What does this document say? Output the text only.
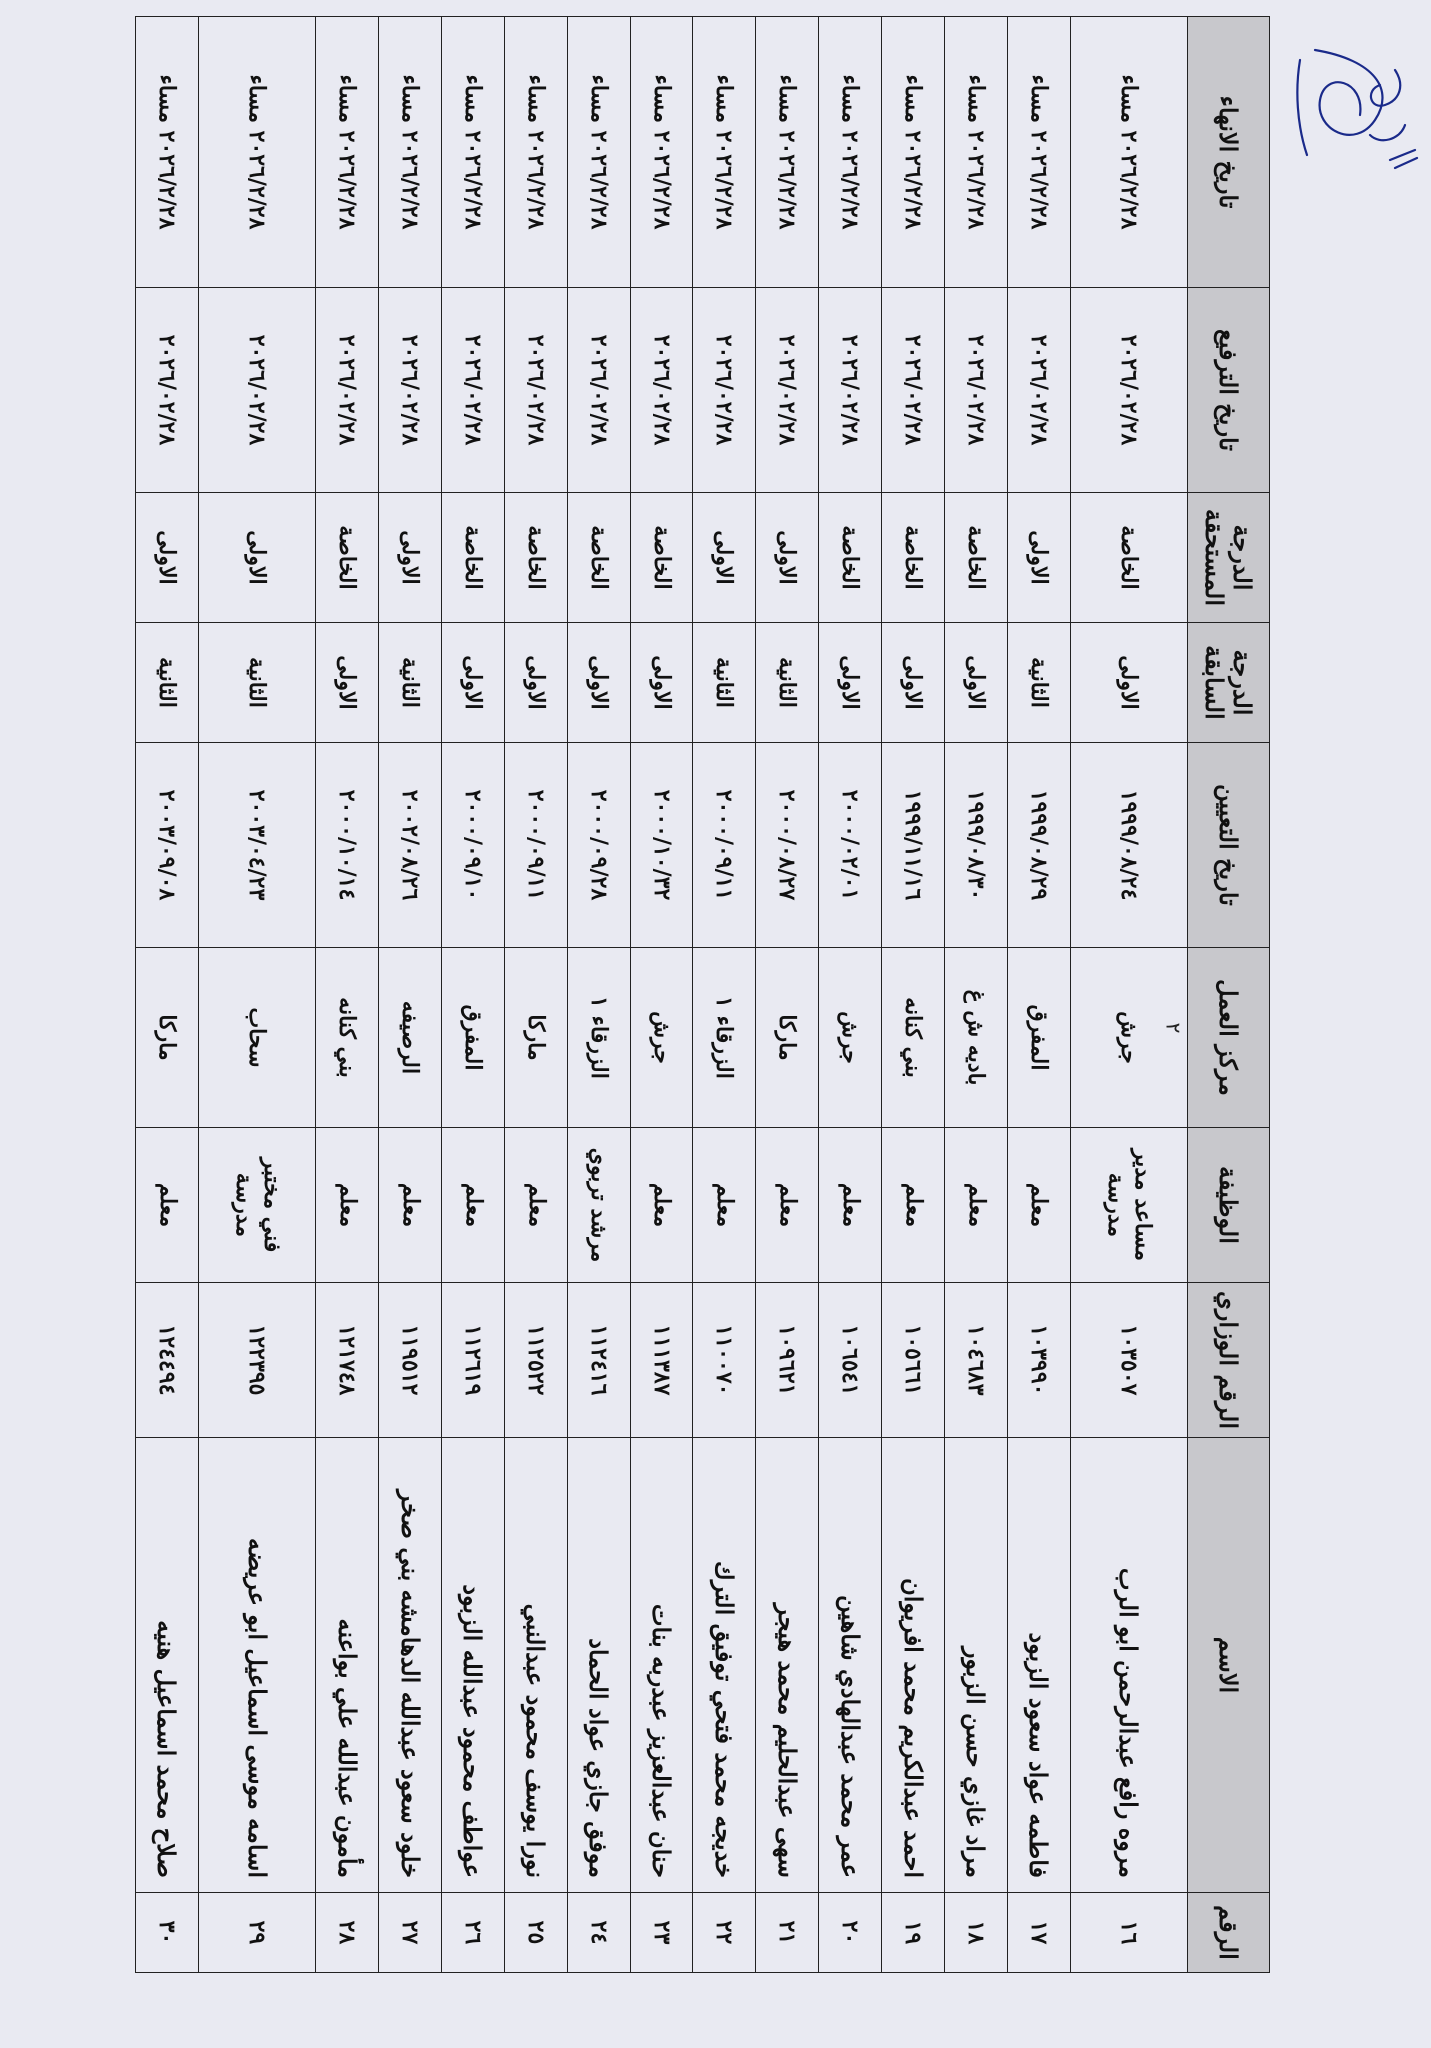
الرقم	الاسم	الرقم الوزاري	الوظيفة	مركز العمل	تاريخ التعيين	الدرجة السابقة	الدرجة المستحقة	تاريخ الترفيع	تاريخ الانهاء
١٦	مروه رافع عبدالرحمن ابو الرب	١٠٣٥٠٧	مساعد مدير مدرسة	جرش	١٩٩٩/٠٨/٢٤	الاولى	الخاصة	٢٠٢٦/٠٢/٢٨	٢٠٢٦/٢/٢٨ مساء
١٧	فاطمه عواد سعود الزبود	١٠٣٩٩٠	معلم	المفرق	١٩٩٩/٠٨/٢٩	الثانية	الاولى	٢٠٢٦/٠٢/٢٨	٢٠٢٦/٢/٢٨ مساء
١٨	مراد غازي حسن الزبور	١٠٤٦٨٣	معلم	باديه ش غ	١٩٩٩/٠٨/٣٠	الاولى	الخاصة	٢٠٢٦/٠٢/٢٨	٢٠٢٦/٢/٢٨ مساء
١٩	احمد عبدالكريم محمد افريوان	١٠٥٦٦١	معلم	بني كنانه	١٩٩٩/١١/١٦	الاولى	الخاصة	٢٠٢٦/٠٢/٢٨	٢٠٢٦/٢/٢٨ مساء
٢٠	عمر محمد عبدالهادي شاهين	١٠٦٥٤١	معلم	جرش	٢٠٠٠/٠٢/٠١	الاولى	الخاصة	٢٠٢٦/٠٢/٢٨	٢٠٢٦/٢/٢٨ مساء
٢١	سهى عبدالحليم محمد هيجر	١٠٩٦٢١	معلم	ماركا	٢٠٠٠/٠٨/٢٧	الثانية	الاولى	٢٠٢٦/٠٢/٢٨	٢٠٢٦/٢/٢٨ مساء
٢٢	خديجه محمد فتحي توفيق الترك	١١٠٠٧٠	معلم	الزرقاء ١	٢٠٠٠/٠٩/١١	الثانية	الاولى	٢٠٢٦/٠٢/٢٨	٢٠٢٦/٢/٢٨ مساء
٢٣	حنان عبدالعزيز عبدربه بنات	١١١٣٨٧	معلم	جرش	٢٠٠٠/١٠/٣٢	الاولى	الخاصة	٢٠٢٦/٠٢/٢٨	٢٠٢٦/٢/٢٨ مساء
٢٤	موفق جازي عواد الحماد	١١٢٤١٦	مرشد تربوي	الزرقاء ١	٢٠٠٠/٠٩/٢٨	الاولى	الخاصة	٢٠٢٦/٠٢/٢٨	٢٠٢٦/٢/٢٨ مساء
٢٥	نورا يوسف محمود عبدالنبي	١١٢٥٢٢	معلم	ماركا	٢٠٠٠/٠٩/١١	الاولى	الخاصة	٢٠٢٦/٠٢/٢٨	٢٠٢٦/٢/٢٨ مساء
٢٦	عواطف محمود عبدالله الزبود	١١٢٦١٩	معلم	المفرق	٢٠٠٠/٠٩/١٠	الاولى	الخاصة	٢٠٢٦/٠٢/٢٨	٢٠٢٦/٢/٢٨ مساء
٢٧	خلود سعود عبدالله الدهامشه بني صخر	١١٩٥١٢	معلم	الرصيفه	٢٠٠٢/٠٨/٢٦	الثانية	الاولى	٢٠٢٦/٠٢/٢٨	٢٠٢٦/٢/٢٨ مساء
٢٨	مأمون عبدالله علي بواعنه	١٢١٧٤٨	معلم	بني كنانه	٢٠٠٠/١٠/١٤	الاولى	الخاصة	٢٠٢٦/٠٢/٢٨	٢٠٢٦/٢/٢٨ مساء
٢٩	اسامه موسى اسماعيل ابو عريضه	١٢٢٣٩٥	فني مختبر مدرسة	سحاب	٢٠٠٣/٠٤/٢٣	الثانية	الاولى	٢٠٢٦/٠٢/٢٨	٢٠٢٦/٢/٢٨ مساء
٣٠	صلاح محمد اسماعيل هنيه	١٢٤٤٩٤	معلم	ماركا	٢٠٠٣/٠٩/٠٨	الثانية	الاولى	٢٠٢٦/٠٢/٢٨	٢٠٢٦/٢/٢٨ مساء
٢
